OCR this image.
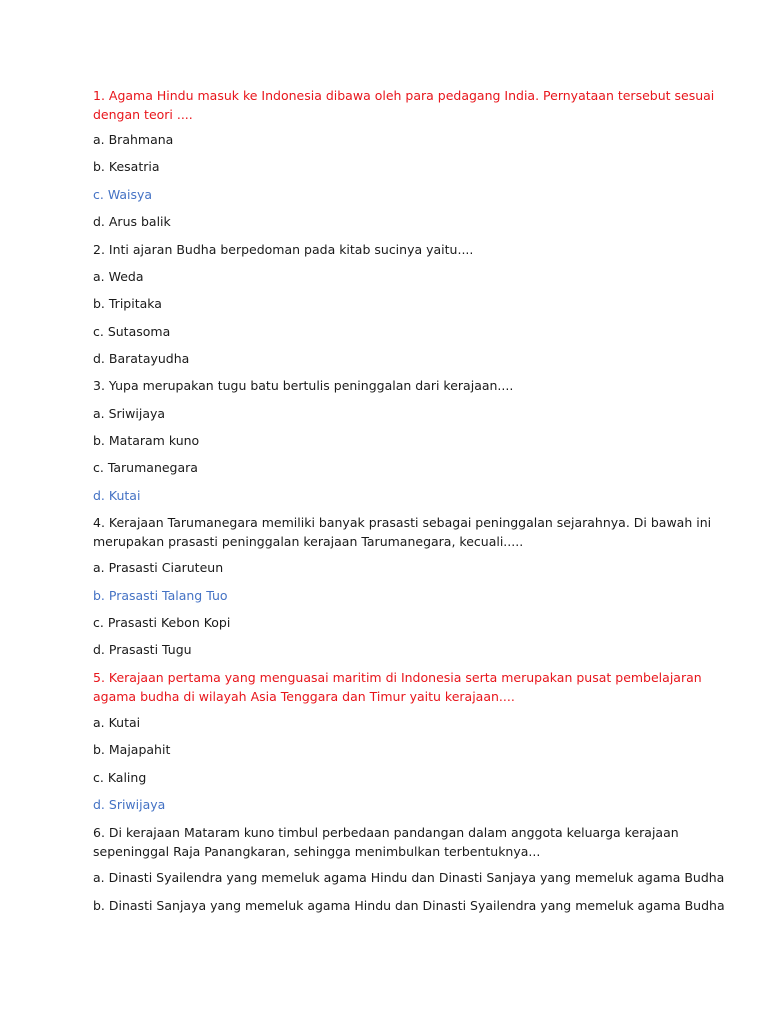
1. Agama Hindu masuk ke Indonesia dibawa oleh para pedagang India. Pernyataan tersebut sesuai
dengan teori ....
a. Brahmana
b. Kesatria
c. Waisya
d. Arus balik
2. Inti ajaran Budha berpedoman pada kitab sucinya yaitu....
a. Weda
b. Tripitaka
c. Sutasoma
d. Baratayudha
3. Yupa merupakan tugu batu bertulis peninggalan dari kerajaan....
a. Sriwijaya
b. Mataram kuno
c. Tarumanegara
d. Kutai
4. Kerajaan Tarumanegara memiliki banyak prasasti sebagai peninggalan sejarahnya. Di bawah ini
merupakan prasasti peninggalan kerajaan Tarumanegara, kecuali.....
a. Prasasti Ciaruteun
b. Prasasti Talang Tuo
c. Prasasti Kebon Kopi
d. Prasasti Tugu
5. Kerajaan pertama yang menguasai maritim di Indonesia serta merupakan pusat pembelajaran
agama budha di wilayah Asia Tenggara dan Timur yaitu kerajaan....
a. Kutai
b. Majapahit
c. Kaling
d. Sriwijaya
6. Di kerajaan Mataram kuno timbul perbedaan pandangan dalam anggota keluarga kerajaan
sepeninggal Raja Panangkaran, sehingga menimbulkan terbentuknya...
a. Dinasti Syailendra yang memeluk agama Hindu dan Dinasti Sanjaya yang memeluk agama Budha
b. Dinasti Sanjaya yang memeluk agama Hindu dan Dinasti Syailendra yang memeluk agama Budha
